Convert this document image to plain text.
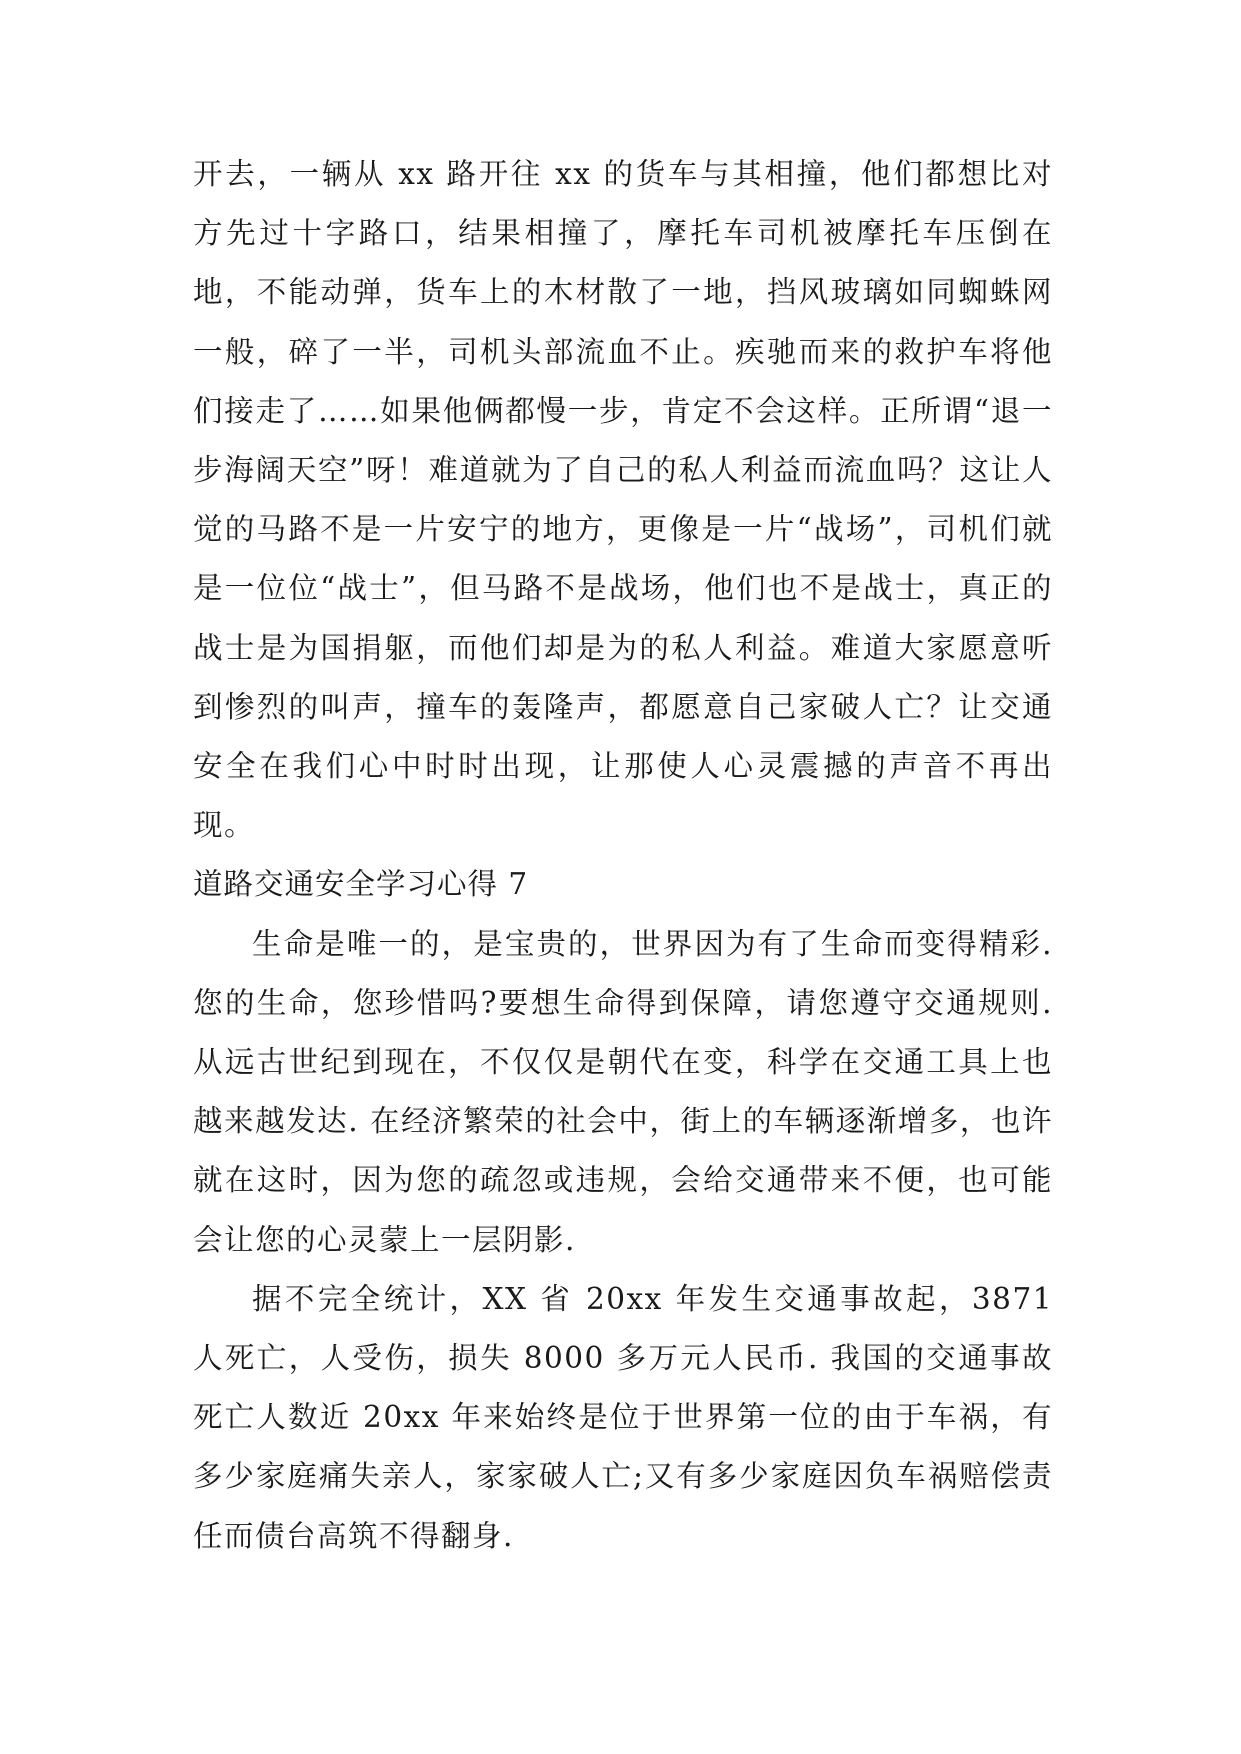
开去，一辆从 xx 路开往 xx 的货车与其相撞，他们都想比对方先过十字路口，结果相撞了，摩托车司机被摩托车压倒在地，不能动弹，货车上的木材散了一地，挡风玻璃如同蜘蛛网一般，碎了一半，司机头部流血不止。疾驰而来的救护车将他们接走了……如果他俩都慢一步，肯定不会这样。正所谓“退一步海阔天空”呀！难道就为了自己的私人利益而流血吗？这让人觉的马路不是一片安宁的地方，更像是一片“战场”，司机们就是一位位“战士”，但马路不是战场，他们也不是战士，真正的战士是为国捐躯，而他们却是为的私人利益。难道大家愿意听到惨烈的叫声，撞车的轰隆声，都愿意自己家破人亡？让交通安全在我们心中时时出现，让那使人心灵震撼的声音不再出现。

道路交通安全学习心得 7

生命是唯一的，是宝贵的，世界因为有了生命而变得精彩. 您的生命，您珍惜吗?要想生命得到保障，请您遵守交通规则. 从远古世纪到现在，不仅仅是朝代在变，科学在交通工具上也越来越发达. 在经济繁荣的社会中，街上的车辆逐渐增多，也许就在这时，因为您的疏忽或违规，会给交通带来不便，也可能会让您的心灵蒙上一层阴影.

据不完全统计，XX 省 20xx 年发生交通事故起，3871 人死亡，人受伤，损失 8000 多万元人民币. 我国的交通事故死亡人数近 20xx 年来始终是位于世界第一位的由于车祸，有多少家庭痛失亲人，家家破人亡;又有多少家庭因负车祸赔偿责任而债台高筑不得翻身.
